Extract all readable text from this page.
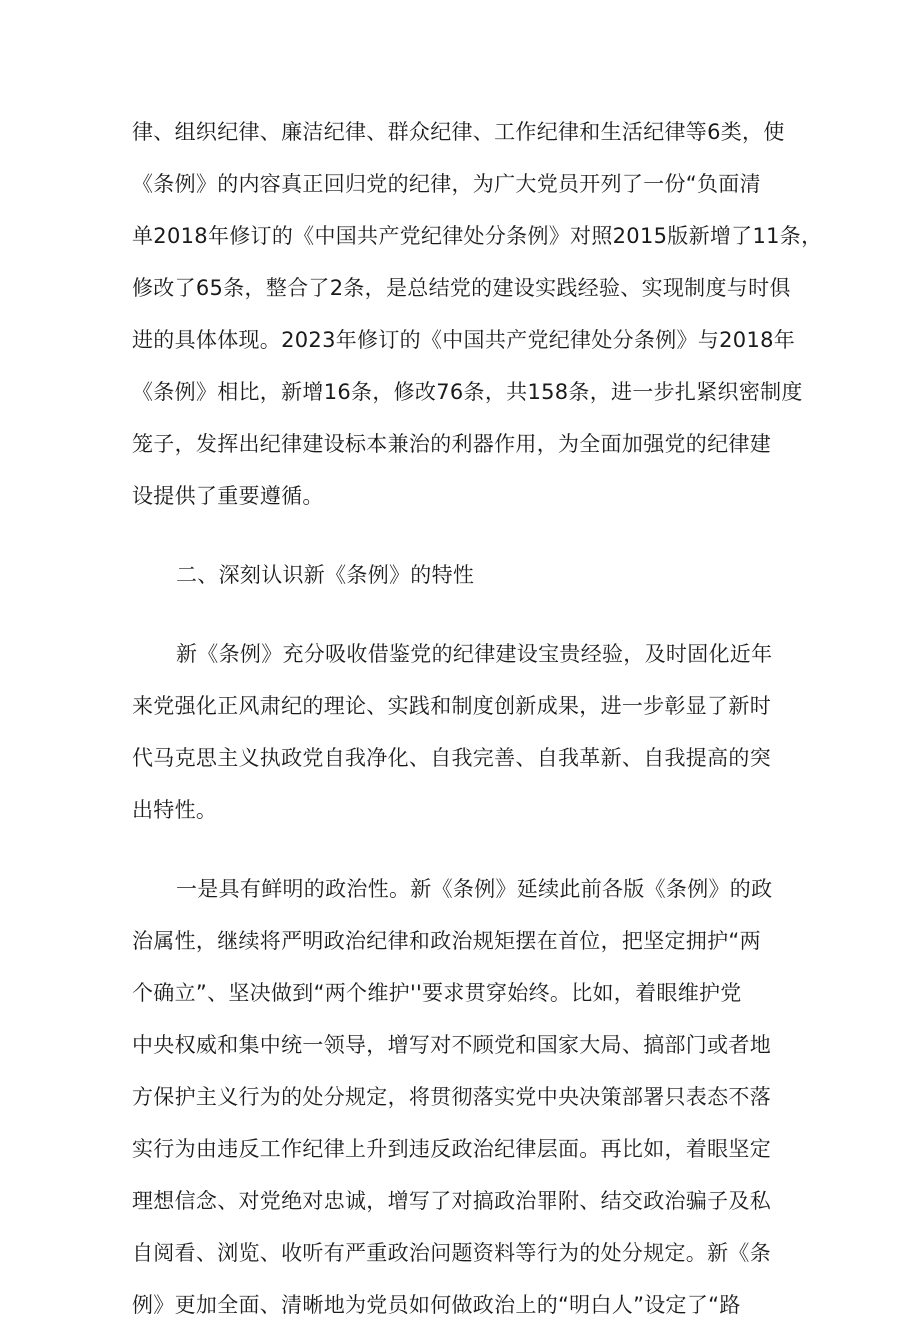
律、组织纪律、廉洁纪律、群众纪律、工作纪律和生活纪律等6类，使
《条例》的内容真正回归党的纪律，为广大党员开列了一份“负面清
单2018年修订的《中国共产党纪律处分条例》对照2015版新增了11条，
修改了65条，整合了2条，是总结党的建设实践经验、实现制度与时俱
进的具体体现。2023年修订的《中国共产党纪律处分条例》与2018年
《条例》相比，新增16条，修改76条，共158条，进一步扎紧织密制度
笼子，发挥出纪律建设标本兼治的利器作用，为全面加强党的纪律建
设提供了重要遵循。
二、深刻认识新《条例》的特性
新《条例》充分吸收借鉴党的纪律建设宝贵经验，及时固化近年
来党强化正风肃纪的理论、实践和制度创新成果，进一步彰显了新时
代马克思主义执政党自我净化、自我完善、自我革新、自我提高的突
出特性。
一是具有鲜明的政治性。新《条例》延续此前各版《条例》的政
治属性，继续将严明政治纪律和政治规矩摆在首位，把坚定拥护“两
个确立”、坚决做到“两个维护''要求贯穿始终。比如，着眼维护党
中央权威和集中统一领导，增写对不顾党和国家大局、搞部门或者地
方保护主义行为的处分规定，将贯彻落实党中央决策部署只表态不落
实行为由违反工作纪律上升到违反政治纪律层面。再比如，着眼坚定
理想信念、对党绝对忠诚，增写了对搞政治罪附、结交政治骗子及私
自阅看、浏览、收听有严重政治问题资料等行为的处分规定。新《条
例》更加全面、清晰地为党员如何做政治上的“明白人”设定了“路
